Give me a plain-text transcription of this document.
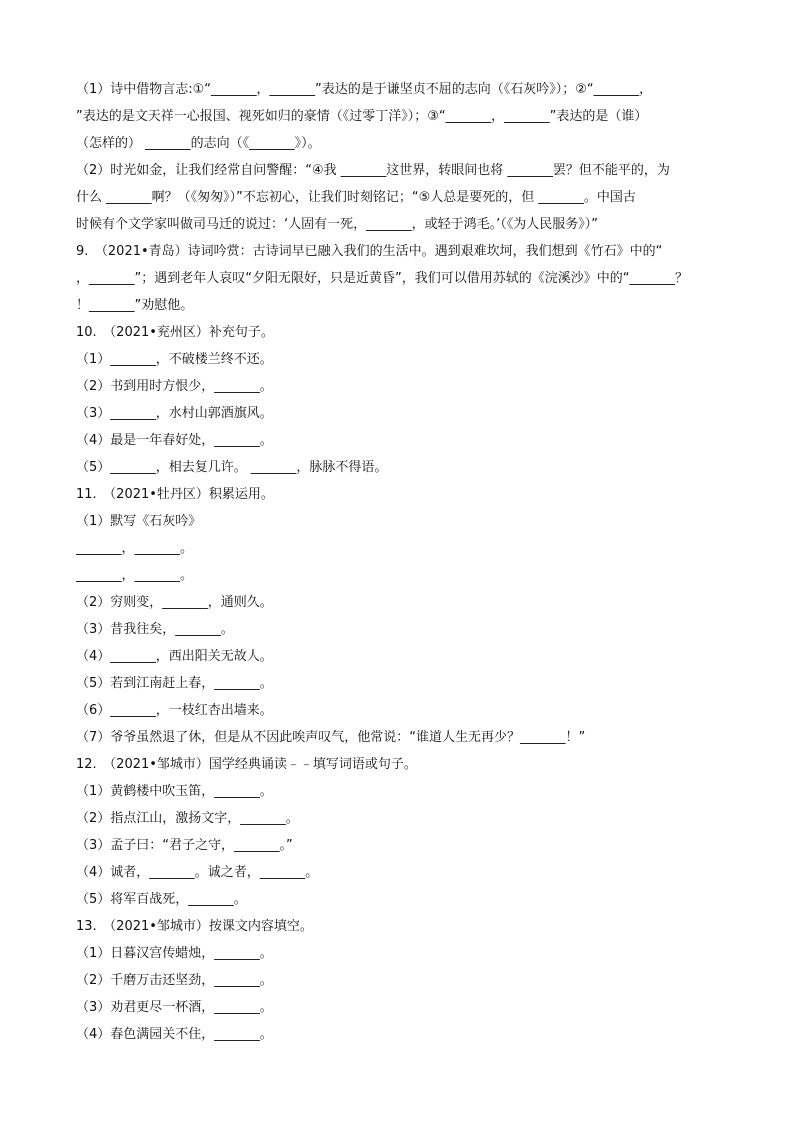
（1）诗中借物言志:①“_______，_______”表达的是于谦坚贞不屈的志向（《石灰吟》）；②“_______，
”表达的是文天祥一心报国、视死如归的豪情（《过零丁洋》）；③“_______，_______”表达的是（谁）
（怎样的） _______的志向（《_______》）。
（2）时光如金，让我们经常自问警醒：“④我 _______这世界，转眼间也将 _______罢？但不能平的，为
什么 _______啊？（《匆匆》）”不忘初心，让我们时刻铭记；“⑤人总是要死的，但 _______。中国古
时候有个文学家叫做司马迁的说过：‘人固有一死，_______，或轻于鸿毛。’（《为人民服务》）”
9.　（2021•青岛）诗词吟赏：古诗词早已融入我们的生活中。遇到艰难坎坷，我们想到《竹石》中的“
，_______”；遇到老年人哀叹“夕阳无限好，只是近黄昏”，我们可以借用苏轼的《浣溪沙》中的“_______？
！_______”劝慰他。
10.　（2021•兖州区）补充句子。
（1）_______，不破楼兰终不还。
（2）书到用时方恨少，_______。
（3）_______，水村山郭酒旗风。
（4）最是一年春好处，_______。
（5）_______，相去复几许。 _______，脉脉不得语。
11.　（2021•牡丹区）积累运用。
（1）默写《石灰吟》
_______，_______。
_______，_______。
（2）穷则变，_______，通则久。
（3）昔我往矣，_______。
（4）_______，西出阳关无故人。
（5）若到江南赶上春，_______。
（6）_______，一枝红杏出墙来。
（7）爷爷虽然退了休，但是从不因此唉声叹气，他常说：“谁道人生无再少？_______！”
12.　（2021•邹城市）国学经典诵读﹣﹣填写词语或句子。
（1）黄鹤楼中吹玉笛，_______。
（2）指点江山，激扬文字，_______。
（3）孟子曰：“君子之守，_______。”
（4）诚者，_______。诚之者，_______。
（5）将军百战死，_______。
13.　（2021•邹城市）按课文内容填空。
（1）日暮汉宫传蜡烛，_______。
（2）千磨万击还坚劲，_______。
（3）劝君更尽一杯酒，_______。
（4）春色满园关不住，_______。
